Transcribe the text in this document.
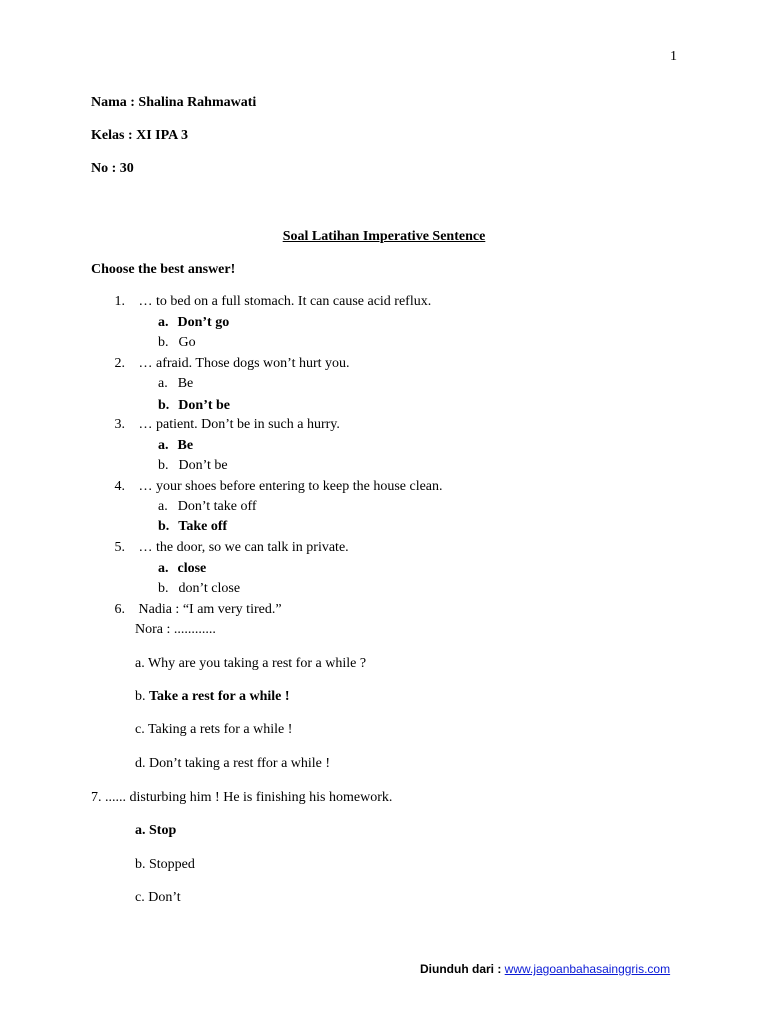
1
Nama : Shalina Rahmawati
Kelas : XI IPA 3
No : 30
Soal Latihan Imperative Sentence
Choose the best answer!
1. … to bed on a full stomach. It can cause acid reflux.
a. Don’t go
b. Go
2. … afraid. Those dogs won’t hurt you.
a. Be
b. Don’t be
3. … patient. Don’t be in such a hurry.
a. Be
b. Don’t be
4. … your shoes before entering to keep the house clean.
a. Don’t take off
b. Take off
5. … the door, so we can talk in private.
a. close
b. don’t close
6. Nadia : “I am very tired.”
Nora : ............
a. Why are you taking a rest for a while ?
b. Take a rest for a while !
c. Taking a rets for a while !
d. Don’t taking a rest ffor a while !
7. ...... disturbing him ! He is finishing his homework.
a. Stop
b. Stopped
c. Don’t
Diunduh dari : www.jagoanbahasainggris.com
